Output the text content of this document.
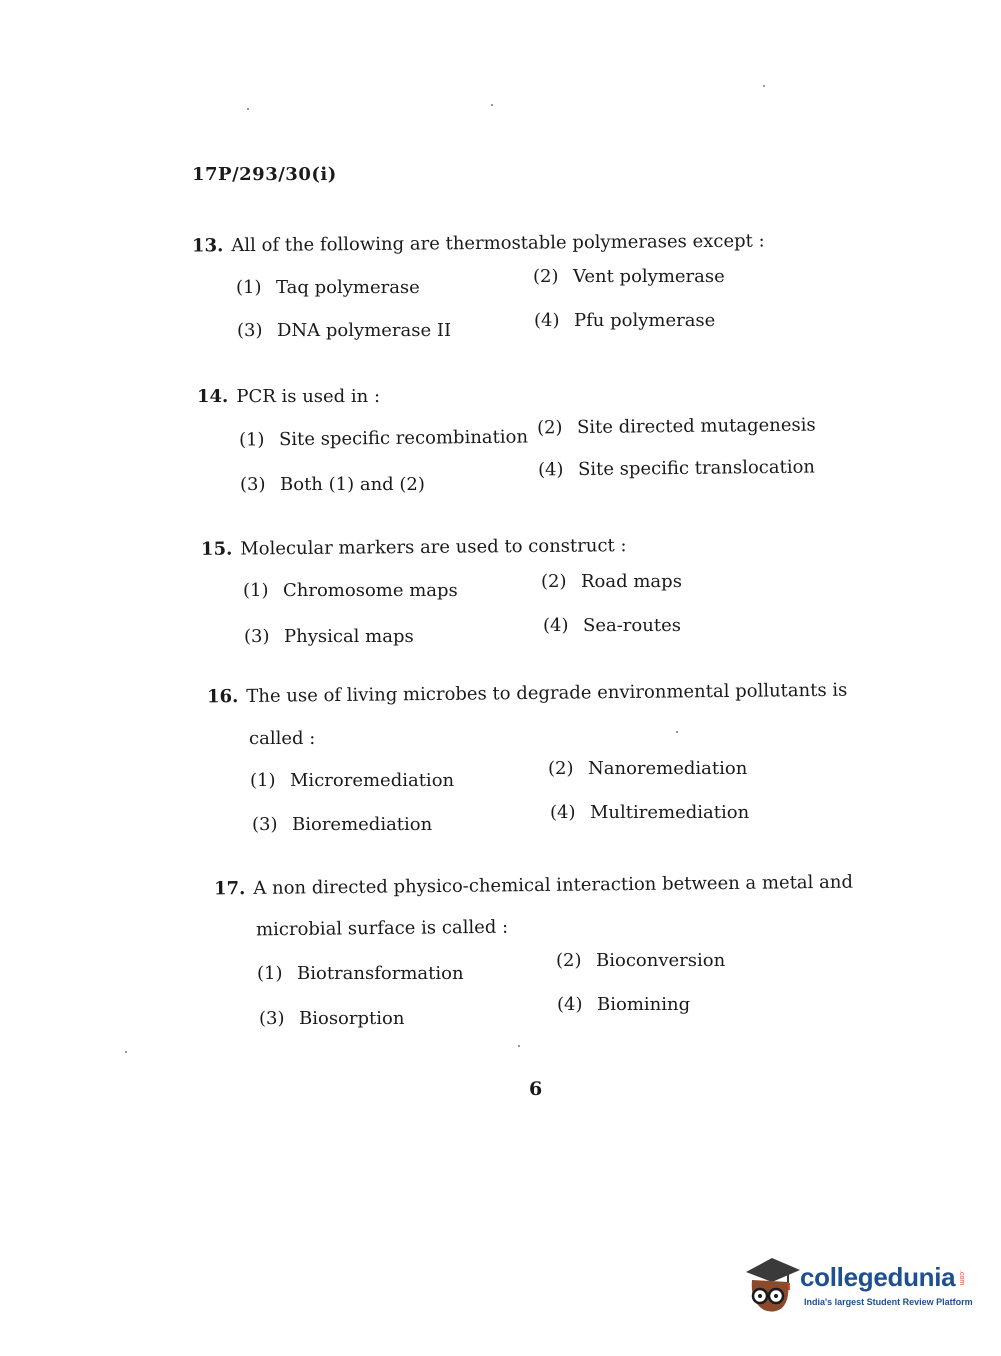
17P/293/30(i)
13. All of the following are thermostable polymerases except :
(1) Taq polymerase
(2) Vent polymerase
(3) DNA polymerase II	(4) Pfu polymerase
14. PCR is used in :
(1) Site specific recombination (2) Site directed mutagenesis
(3) Both (1) and (2)
(4) Site specific translocation
15. Molecular markers are used to construct :
(1) Chromosome maps	(2) Road maps
(3) Physical maps
(4) Sea-routes
16. The use of living microbes to degrade environmental pollutants is
called :
(1) Microremediation
(2) Nanoremediation
(3) Bioremediation
(4) Multiremediation
17. A non directed physico-chemical interaction between a metal and
microbial surface is called :
(1) Biotransformation
(2) Bioconversion
(3) Biosorption
(4) Biomining
6
collegedunia .com
India's largest Student Review Platform
